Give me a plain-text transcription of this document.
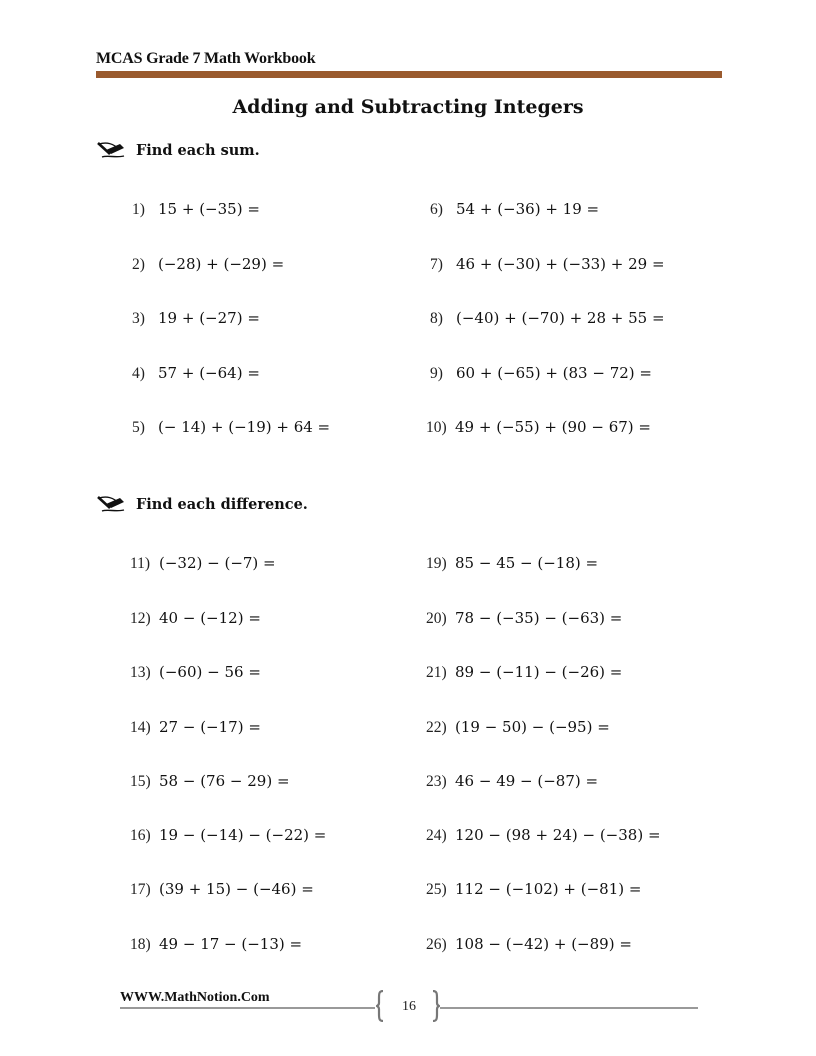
MCAS Grade 7 Math Workbook
Adding and Subtracting Integers
Find each sum.
1) 15 + (−35) =
2) (−28) + (−29) =
3) 19 + (−27) =
4) 57 + (−64) =
5) (− 14) + (−19) + 64 =
6) 54 + (−36) + 19 =
7) 46 + (−30) + (−33) + 29 =
8) (−40) + (−70) + 28 + 55 =
9) 60 + (−65) + (83 − 72) =
10) 49 + (−55) + (90 − 67) =
Find each difference.
11) (−32) − (−7) =
12) 40 − (−12) =
13) (−60) − 56 =
14) 27 − (−17) =
15) 58 − (76 − 29) =
16) 19 − (−14) − (−22) =
17) (39 + 15) − (−46) =
18) 49 − 17 − (−13) =
19) 85 − 45 − (−18) =
20) 78 − (−35) − (−63) =
21) 89 − (−11) − (−26) =
22) (19 − 50) − (−95) =
23) 46 − 49 − (−87) =
24) 120 − (98 + 24) − (−38) =
25) 112 − (−102) + (−81) =
26) 108 − (−42) + (−89) =
WWW.MathNotion.Com
16
